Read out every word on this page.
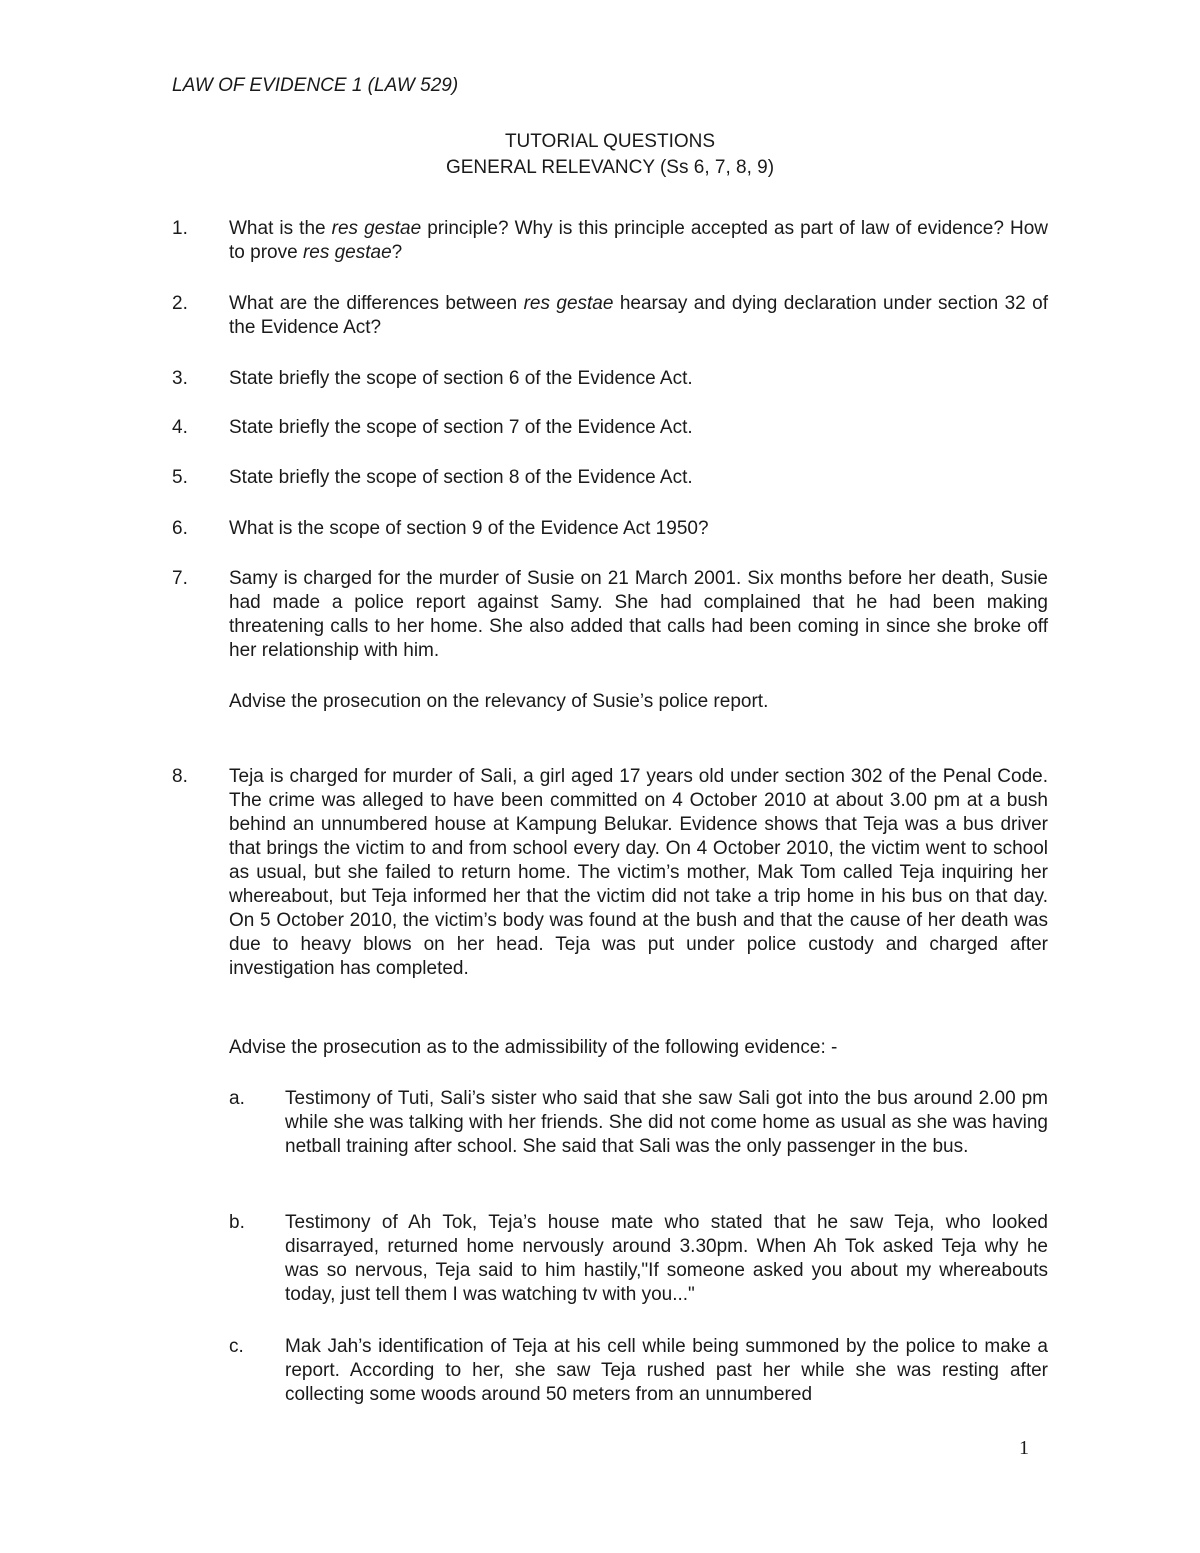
LAW OF EVIDENCE 1 (LAW 529)

TUTORIAL QUESTIONS
GENERAL RELEVANCY (Ss 6, 7, 8, 9)
1. What is the res gestae principle? Why is this principle accepted as part of law of evidence? How to prove res gestae?

2. What are the differences between res gestae hearsay and dying declaration under section 32 of the Evidence Act?

3. State briefly the scope of section 6 of the Evidence Act.

4. State briefly the scope of section 7 of the Evidence Act.

5. State briefly the scope of section 8 of the Evidence Act.

6. What is the scope of section 9 of the Evidence Act 1950?

7. Samy is charged for the murder of Susie on 21 March 2001. Six months before her death, Susie had made a police report against Samy. She had complained that he had been making threatening calls to her home. She also added that calls had been coming in since she broke off her relationship with him.

Advise the prosecution on the relevancy of Susie’s police report.

8. Teja is charged for murder of Sali, a girl aged 17 years old under section 302 of the Penal Code. The crime was alleged to have been committed on 4 October 2010 at about 3.00 pm at a bush behind an unnumbered house at Kampung Belukar. Evidence shows that Teja was a bus driver that brings the victim to and from school every day. On 4 October 2010, the victim went to school as usual, but she failed to return home. The victim’s mother, Mak Tom called Teja inquiring her whereabout, but Teja informed her that the victim did not take a trip home in his bus on that day. On 5 October 2010, the victim’s body was found at the bush and that the cause of her death was due to heavy blows on her head. Teja was put under police custody and charged after investigation has completed.

Advise the prosecution as to the admissibility of the following evidence: -

a. Testimony of Tuti, Sali’s sister who said that she saw Sali got into the bus around 2.00 pm while she was talking with her friends. She did not come home as usual as she was having netball training after school. She said that Sali was the only passenger in the bus.

b. Testimony of Ah Tok, Teja’s house mate who stated that he saw Teja, who looked disarrayed, returned home nervously around 3.30pm. When Ah Tok asked Teja why he was so nervous, Teja said to him hastily,"If someone asked you about my whereabouts today, just tell them I was watching tv with you..."

c. Mak Jah’s identification of Teja at his cell while being summoned by the police to make a report. According to her, she saw Teja rushed past her while she was resting after collecting some woods around 50 meters from an unnumbered

1
